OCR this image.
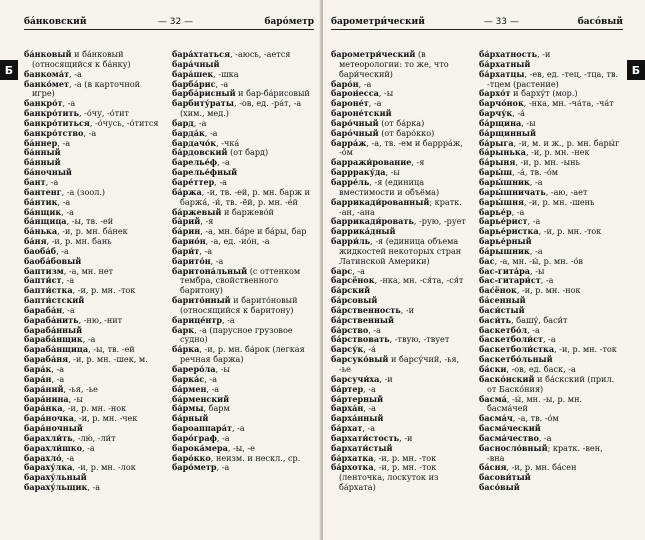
ба́нковский	— 32 —	баро́метр
Б
ба́нковый и ба́нковый (относящийся к ба́нку)
банкома́т, -а
банко́мет, -а (в карточной игре)
банкро́т, -а
банкро́тить, -о́чу, -о́тит
банкро́титься, -о́чусь, -о́тится
банкро́тство, -а
ба́ннер, -а
ба́нный
ба́нный
ба́ночный
бант, -а
бантенг, -а (зоол.)
ба́нтик, -а
ба́нщик, -а
ба́нщица, -ы, тв. -ей
ба́нька, -и, р. мн. ба́нек
ба́ня, -и, р. мн. бань
баоба́б, -а
баоба́бовый
баптизм, -а, мн. нет
бапти́ст, -а
бапти́стка, -и, р. мн. -ток
бапти́стский
бараба́н, -а
бараба́нить, -ню, -нит
бараба́нный
бараба́нщик, -а
бараба́нщица, -ы, тв. -ей
бараба́ня, -и, р. мн. -шек, м.
бара́к, -а
бара́н, -а
бара́ний, -ья, -ье
бара́нина, -ы
бара́нка, -и, р. мн. -нок
бара́ночка, -и, р. мн. -чек
бара́ночный
барахли́ть, -лю́, -ли́т
барахли́шко, -а
барахло́, -а
бараху́лка, -и, р. мн. -лок
бараху́льный
бараху́льщик, -а
бара́хтаться, -аюсь, -ается
бара́чный
бара́шек, -шка
барба́рис, -а
барба́рисный и бар-ба́рисовый
барбиту́раты, -ов, ед. -ра́т, -а (хим., мед.)
бард, -а
барда́к, -а
бардачо́к, -чка́
ба́рдовский (от бард)
барелье́ф, -а
барелье́фный
баре́ттер, -а
ба́ржа, -и, тв. -ей, р. мн. барж и баржа́, -и́, тв. -ёй, р. мн. -е́й
ба́ржевый и баржево́й
ба́рий, -я
ба́рин, -а, мн. ба́ре и ба́ры, бар
барио́н, -а, ед. -ио́н, -а
бари́т, -а
барито́н, -а
баритона́льный (с оттенком тембра, свойственного баритону)
барито́нный и барито́новый (относящийся к баритону)
барице́нтр, -а
барк, -а (парусное грузовое судно)
ба́рка, -и, р. мн. ба́рок (легкая речная баржа)
бареро́ла, -ы
барка́с, -а
ба́рмен, -а
ба́рменский
ба́рмы, барм
ба́рный
бароаппара́т, -а
баро́граф, -а
барока́мера, -ы, -е
баро́кко, неизм. и нескл., ср.
баро́метр, -а
барометри́ческий	— 33 —	басо́вый
Б
барометри́ческий (в метеорологии: то же, что бари́ческий)
баро́н, -а
барон́есса, -ы
бароне́т, -а
бароне́тский
баро́чный (от ба́рка)
баро́чный (от баро́кко)
барра́ж, -а, тв. -ем и баррра́ж, -о́м
барражи́рование, -я
баррраку́да, -ы
барре́ль, -я (единица вместимости и объёма)
баррикади́рованный; кратк. -ан, -ана
баррикади́ровать, -рую, -рует
баррика́дный
барри́ль, -я (единица объема жидкостей некоторых стран Латинской Америки)
барс, -а
барсёнок, -нка, мн. -ся́та, -ся́т
ба́рский
ба́рсовый
ба́рственность, -и
ба́рственный
ба́рство, -а
ба́рствовать, -твую, -твует
барсу́к, -а́
барсуко́вый и барсу́чий, -ья, -ье
барсучи́ха, -и
ба́ртер, -а
ба́ртерный
барха́н, -а
барха́нный
ба́рхат, -а
бархати́стость, -и
бархати́стый
ба́рхатка, -и, р. мн. -ток
ба́рхотка, -и, р. мн. -ток (ленточка, лоскуток из ба́рхата)
ба́рхатность, -и
ба́рхатный
ба́рхатцы, -ев, ед. -тец, -тца, тв. -тцем (растение)
бархо́т и барху́т (мор.)
барчо́нок, -нка, мн. -ча́та, -ча́т
барчу́к, -а́
ба́рщина, -ы
ба́рщинный
ба́рыга, -и, м. и ж., р. мн. бары́г
ба́рынька, -и, р. мн. -нек
ба́рыня, -и, р. мн. -ынь
бары́ш, -а́, тв. -о́м
бары́шник, -а
бары́шничать, -аю, -ает
бары́шня, -и, р. мн. -шень
барье́р, -а
барье́рист, -а
барье́ристка, -и, р. мн. -ток
барье́рный
ба́рышник, -а
бас, -а, мн. -ы́, р. мн. -о́в
бас-гита́ра, -ы
бас-гитари́ст, -а
бас́ёнок, -и, р. мн. -нок
ба́сенный
баси́стый
баси́ть, башу́, баси́т
баскетбо́л, -а
баскетболи́ст, -а
баскетболи́стка, -и, р. мн. -ток
баскетбо́льный
ба́ски, -ов, ед. баск, -а
баско́нский и ба́скский (прил. от Баско́ния)
басма́, -ы́, мн. -ы, р. мн. басма́чей
басма́ч, -а, тв. -о́м
басма́ческий
басма́чество, -а
басносло́вный; кратк. -вен, -вна
ба́сня, -и, р. мн. ба́сен
басови́тый
басо́вый
